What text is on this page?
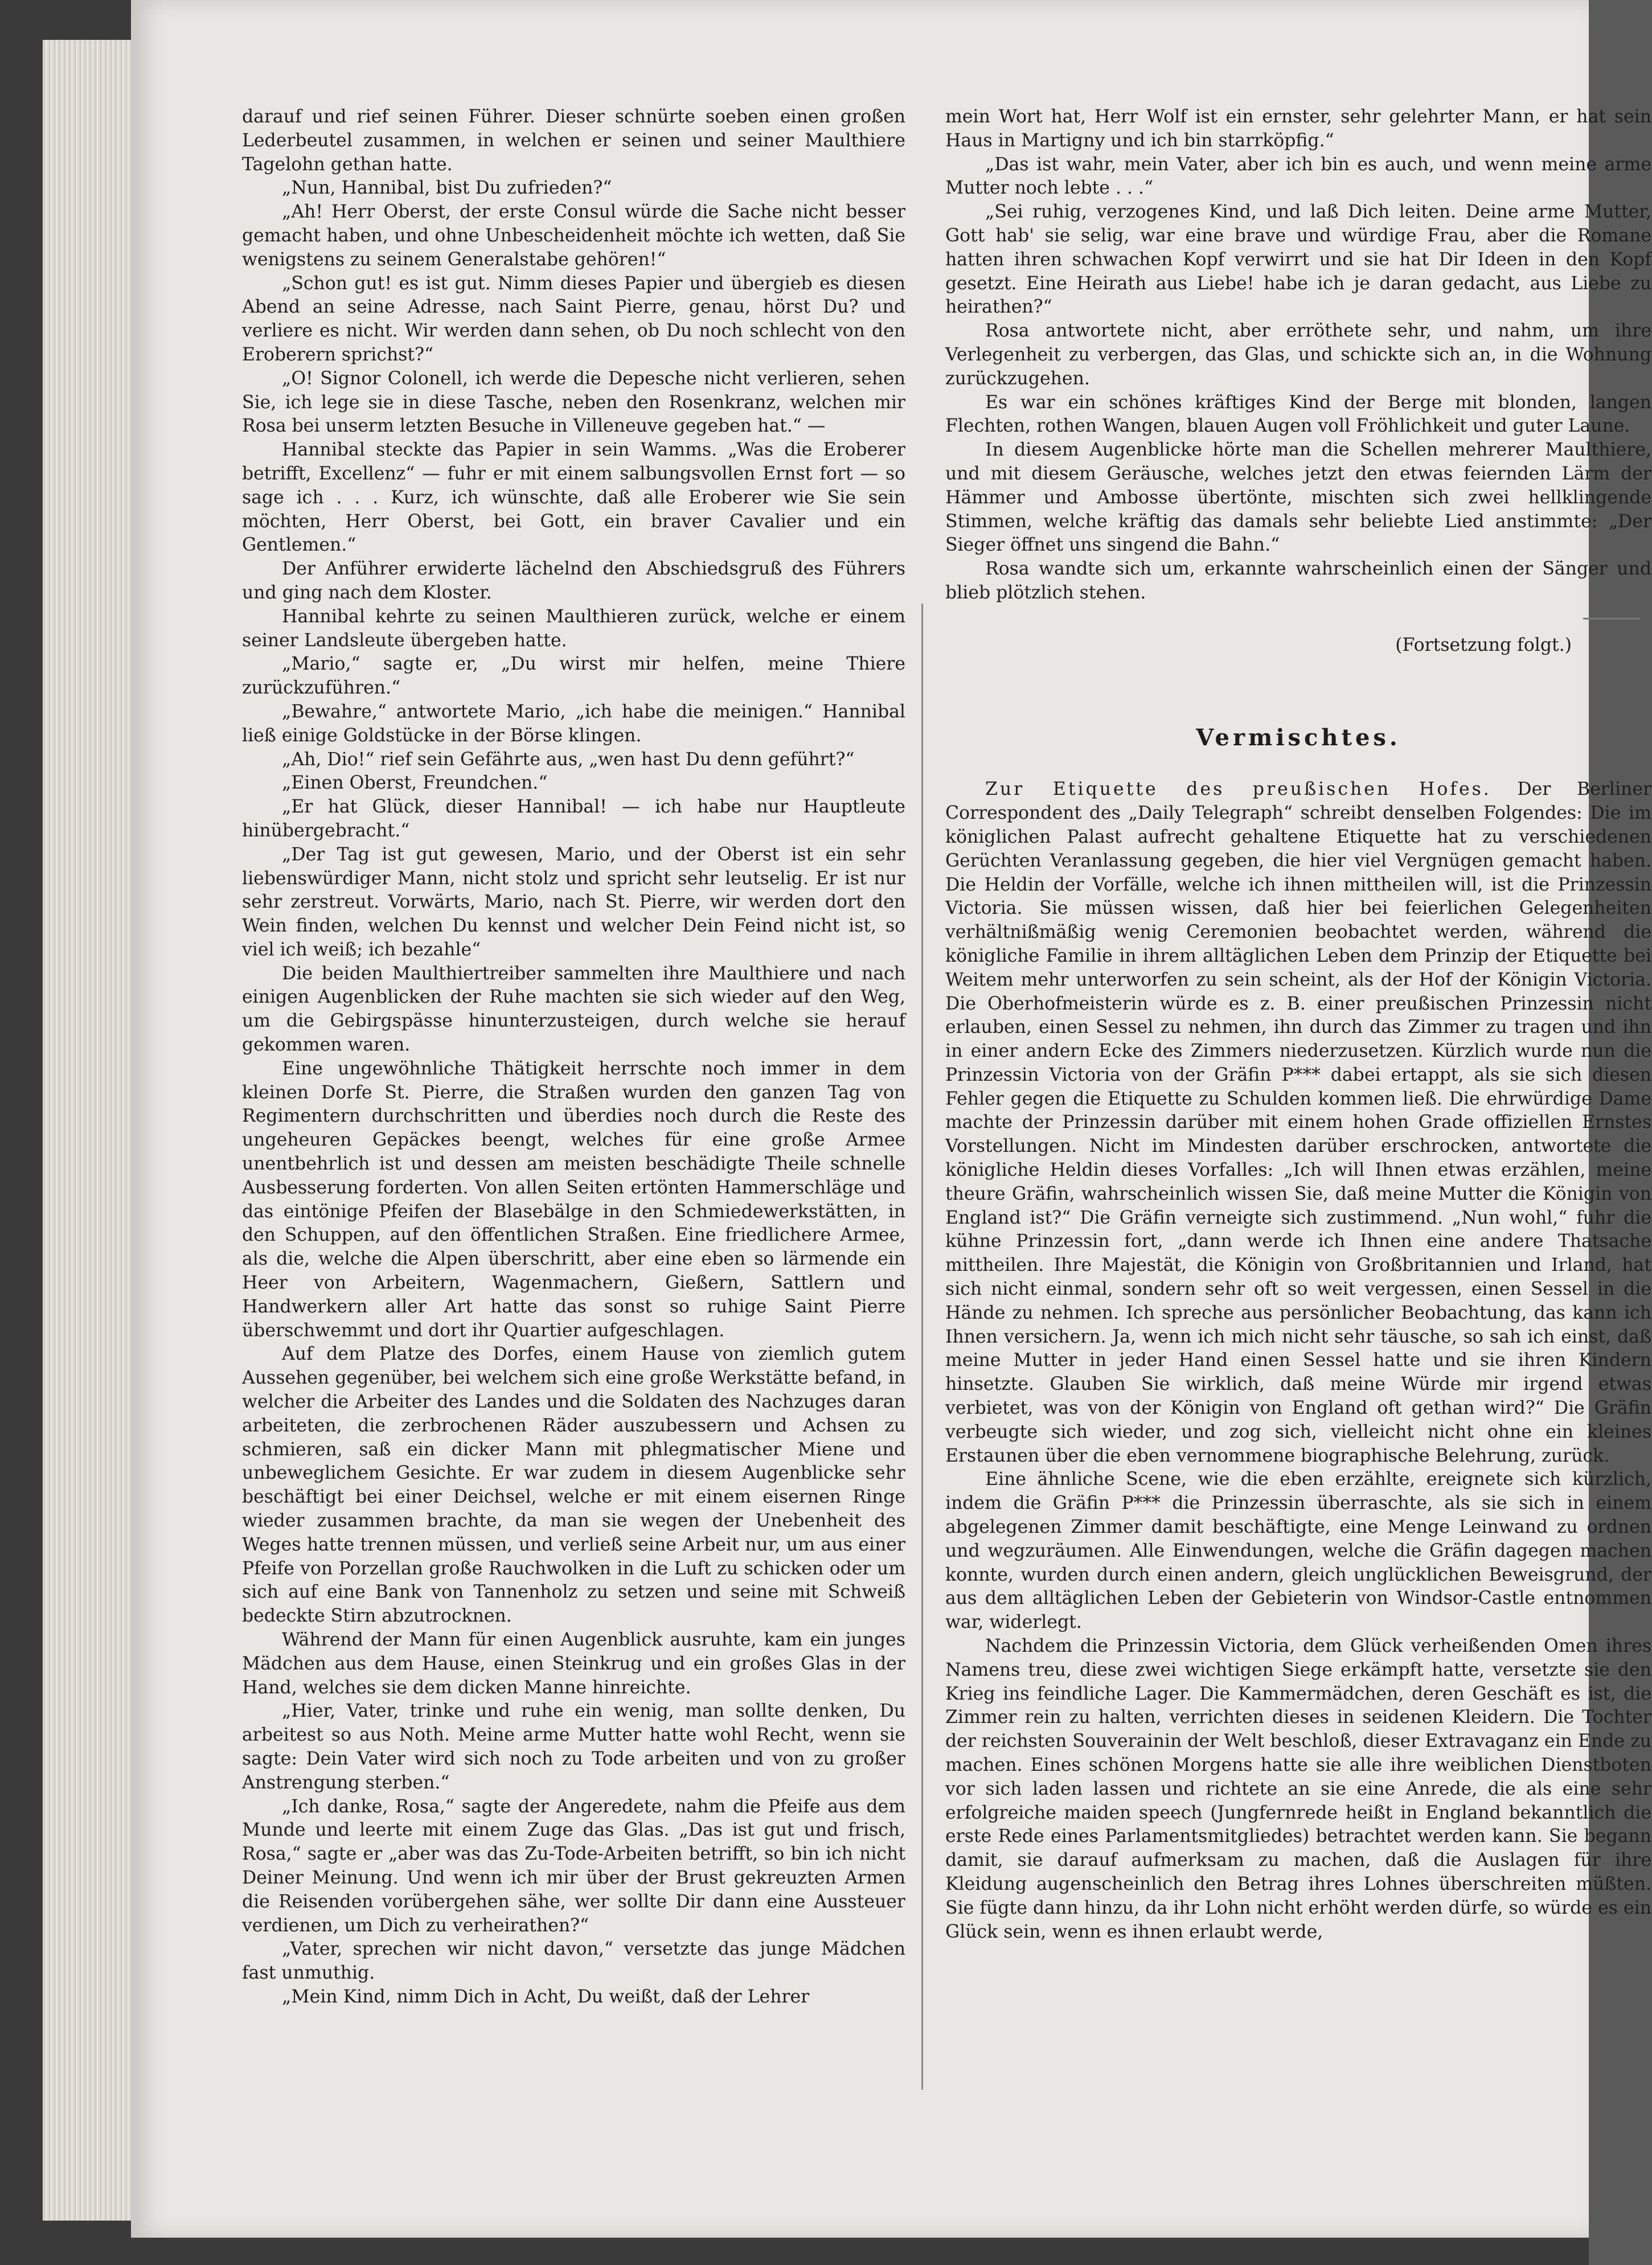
darauf und rief seinen Führer. Dieser schnürte soeben einen großen Lederbeutel zusammen, in welchen er seinen und seiner Maulthiere Tagelohn gethan hatte.

„Nun, Hannibal, bist Du zufrieden?“

„Ah! Herr Oberst, der erste Consul würde die Sache nicht besser gemacht haben, und ohne Unbescheidenheit möchte ich wetten, daß Sie wenigstens zu seinem Generalstabe gehören!“

„Schon gut! es ist gut. Nimm dieses Papier und übergieb es diesen Abend an seine Adresse, nach Saint Pierre, genau, hörst Du? und verliere es nicht. Wir werden dann sehen, ob Du noch schlecht von den Eroberern sprichst?“

„O! Signor Colonell, ich werde die Depesche nicht verlieren, sehen Sie, ich lege sie in diese Tasche, neben den Rosenkranz, welchen mir Rosa bei unserm letzten Besuche in Villeneuve gegeben hat.“ —

Hannibal steckte das Papier in sein Wamms. „Was die Eroberer betrifft, Excellenz“ — fuhr er mit einem salbungsvollen Ernst fort — so sage ich . . . Kurz, ich wünschte, daß alle Eroberer wie Sie sein möchten, Herr Oberst, bei Gott, ein braver Cavalier und ein Gentlemen.“

Der Anführer erwiderte lächelnd den Abschiedsgruß des Führers und ging nach dem Kloster.

Hannibal kehrte zu seinen Maulthieren zurück, welche er einem seiner Landsleute übergeben hatte.

„Mario,“ sagte er, „Du wirst mir helfen, meine Thiere zurückzuführen.“

„Bewahre,“ antwortete Mario, „ich habe die meinigen.“ Hannibal ließ einige Goldstücke in der Börse klingen.

„Ah, Dio!“ rief sein Gefährte aus, „wen hast Du denn geführt?“

„Einen Oberst, Freundchen.“

„Er hat Glück, dieser Hannibal! — ich habe nur Hauptleute hinübergebracht.“

„Der Tag ist gut gewesen, Mario, und der Oberst ist ein sehr liebenswürdiger Mann, nicht stolz und spricht sehr leutselig. Er ist nur sehr zerstreut. Vorwärts, Mario, nach St. Pierre, wir werden dort den Wein finden, welchen Du kennst und welcher Dein Feind nicht ist, so viel ich weiß; ich bezahle“

Die beiden Maulthiertreiber sammelten ihre Maulthiere und nach einigen Augenblicken der Ruhe machten sie sich wieder auf den Weg, um die Gebirgspässe hinunterzusteigen, durch welche sie herauf gekommen waren.

Eine ungewöhnliche Thätigkeit herrschte noch immer in dem kleinen Dorfe St. Pierre, die Straßen wurden den ganzen Tag von Regimentern durchschritten und überdies noch durch die Reste des ungeheuren Gepäckes beengt, welches für eine große Armee unentbehrlich ist und dessen am meisten beschädigte Theile schnelle Ausbesserung forderten. Von allen Seiten ertönten Hammerschläge und das eintönige Pfeifen der Blasebälge in den Schmiedewerkstätten, in den Schuppen, auf den öffentlichen Straßen. Eine friedlichere Armee, als die, welche die Alpen überschritt, aber eine eben so lärmende ein Heer von Arbeitern, Wagenmachern, Gießern, Sattlern und Handwerkern aller Art hatte das sonst so ruhige Saint Pierre überschwemmt und dort ihr Quartier aufgeschlagen.

Auf dem Platze des Dorfes, einem Hause von ziemlich gutem Aussehen gegenüber, bei welchem sich eine große Werkstätte befand, in welcher die Arbeiter des Landes und die Soldaten des Nachzuges daran arbeiteten, die zerbrochenen Räder auszubessern und Achsen zu schmieren, saß ein dicker Mann mit phlegmatischer Miene und unbeweglichem Gesichte. Er war zudem in diesem Augenblicke sehr beschäftigt bei einer Deichsel, welche er mit einem eisernen Ringe wieder zusammen brachte, da man sie wegen der Unebenheit des Weges hatte trennen müssen, und verließ seine Arbeit nur, um aus einer Pfeife von Porzellan große Rauchwolken in die Luft zu schicken oder um sich auf eine Bank von Tannenholz zu setzen und seine mit Schweiß bedeckte Stirn abzutrocknen.

Während der Mann für einen Augenblick ausruhte, kam ein junges Mädchen aus dem Hause, einen Steinkrug und ein großes Glas in der Hand, welches sie dem dicken Manne hinreichte.

„Hier, Vater, trinke und ruhe ein wenig, man sollte denken, Du arbeitest so aus Noth. Meine arme Mutter hatte wohl Recht, wenn sie sagte: Dein Vater wird sich noch zu Tode arbeiten und von zu großer Anstrengung sterben.“

„Ich danke, Rosa,“ sagte der Angeredete, nahm die Pfeife aus dem Munde und leerte mit einem Zuge das Glas. „Das ist gut und frisch, Rosa,“ sagte er „aber was das Zu-Tode-Arbeiten betrifft, so bin ich nicht Deiner Meinung. Und wenn ich mir über der Brust gekreuzten Armen die Reisenden vorübergehen sähe, wer sollte Dir dann eine Aussteuer verdienen, um Dich zu verheirathen?“

„Vater, sprechen wir nicht davon,“ versetzte das junge Mädchen fast unmuthig.

„Mein Kind, nimm Dich in Acht, Du weißt, daß der Lehrer

mein Wort hat, Herr Wolf ist ein ernster, sehr gelehrter Mann, er hat sein Haus in Martigny und ich bin starrköpfig.“

„Das ist wahr, mein Vater, aber ich bin es auch, und wenn meine arme Mutter noch lebte . . .“

„Sei ruhig, verzogenes Kind, und laß Dich leiten. Deine arme Mutter, Gott hab' sie selig, war eine brave und würdige Frau, aber die Romane hatten ihren schwachen Kopf verwirrt und sie hat Dir Ideen in den Kopf gesetzt. Eine Heirath aus Liebe! habe ich je daran gedacht, aus Liebe zu heirathen?“

Rosa antwortete nicht, aber erröthete sehr, und nahm, um ihre Verlegenheit zu verbergen, das Glas, und schickte sich an, in die Wohnung zurückzugehen.

Es war ein schönes kräftiges Kind der Berge mit blonden, langen Flechten, rothen Wangen, blauen Augen voll Fröhlichkeit und guter Laune.

In diesem Augenblicke hörte man die Schellen mehrerer Maulthiere, und mit diesem Geräusche, welches jetzt den etwas feiernden Lärm der Hämmer und Ambosse übertönte, mischten sich zwei hellklingende Stimmen, welche kräftig das damals sehr beliebte Lied anstimmte: „Der Sieger öffnet uns singend die Bahn.“

Rosa wandte sich um, erkannte wahrscheinlich einen der Sänger und blieb plötzlich stehen.

(Fortsetzung folgt.)

Vermischtes.

Zur Etiquette des preußischen Hofes. Der Berliner Correspondent des „Daily Telegraph“ schreibt denselben Folgendes: Die im königlichen Palast aufrecht gehaltene Etiquette hat zu verschiedenen Gerüchten Veranlassung gegeben, die hier viel Vergnügen gemacht haben. Die Heldin der Vorfälle, welche ich ihnen mittheilen will, ist die Prinzessin Victoria. Sie müssen wissen, daß hier bei feierlichen Gelegenheiten verhältnißmäßig wenig Ceremonien beobachtet werden, während die königliche Familie in ihrem alltäglichen Leben dem Prinzip der Etiquette bei Weitem mehr unterworfen zu sein scheint, als der Hof der Königin Victoria. Die Oberhofmeisterin würde es z. B. einer preußischen Prinzessin nicht erlauben, einen Sessel zu nehmen, ihn durch das Zimmer zu tragen und ihn in einer andern Ecke des Zimmers niederzusetzen. Kürzlich wurde nun die Prinzessin Victoria von der Gräfin P*** dabei ertappt, als sie sich diesen Fehler gegen die Etiquette zu Schulden kommen ließ. Die ehrwürdige Dame machte der Prinzessin darüber mit einem hohen Grade offiziellen Ernstes Vorstellungen. Nicht im Mindesten darüber erschrocken, antwortete die königliche Heldin dieses Vorfalles: „Ich will Ihnen etwas erzählen, meine theure Gräfin, wahrscheinlich wissen Sie, daß meine Mutter die Königin von England ist?“ Die Gräfin verneigte sich zustimmend. „Nun wohl,“ fuhr die kühne Prinzessin fort, „dann werde ich Ihnen eine andere Thatsache mittheilen. Ihre Majestät, die Königin von Großbritannien und Irland, hat sich nicht einmal, sondern sehr oft so weit vergessen, einen Sessel in die Hände zu nehmen. Ich spreche aus persönlicher Beobachtung, das kann ich Ihnen versichern. Ja, wenn ich mich nicht sehr täusche, so sah ich einst, daß meine Mutter in jeder Hand einen Sessel hatte und sie ihren Kindern hinsetzte. Glauben Sie wirklich, daß meine Würde mir irgend etwas verbietet, was von der Königin von England oft gethan wird?“ Die Gräfin verbeugte sich wieder, und zog sich, vielleicht nicht ohne ein kleines Erstaunen über die eben vernommene biographische Belehrung, zurück.

Eine ähnliche Scene, wie die eben erzählte, ereignete sich kürzlich, indem die Gräfin P*** die Prinzessin überraschte, als sie sich in einem abgelegenen Zimmer damit beschäftigte, eine Menge Leinwand zu ordnen und wegzuräumen. Alle Einwendungen, welche die Gräfin dagegen machen konnte, wurden durch einen andern, gleich unglücklichen Beweisgrund, der aus dem alltäglichen Leben der Gebieterin von Windsor-Castle entnommen war, widerlegt.

Nachdem die Prinzessin Victoria, dem Glück verheißenden Omen ihres Namens treu, diese zwei wichtigen Siege erkämpft hatte, versetzte sie den Krieg ins feindliche Lager. Die Kammermädchen, deren Geschäft es ist, die Zimmer rein zu halten, verrichten dieses in seidenen Kleidern. Die Tochter der reichsten Souverainin der Welt beschloß, dieser Extravaganz ein Ende zu machen. Eines schönen Morgens hatte sie alle ihre weiblichen Dienstboten vor sich laden lassen und richtete an sie eine Anrede, die als eine sehr erfolgreiche maiden speech (Jungfernrede heißt in England bekanntlich die erste Rede eines Parlamentsmitgliedes) betrachtet werden kann. Sie begann damit, sie darauf aufmerksam zu machen, daß die Auslagen für ihre Kleidung augenscheinlich den Betrag ihres Lohnes überschreiten müßten. Sie fügte dann hinzu, da ihr Lohn nicht erhöht werden dürfe, so würde es ein Glück sein, wenn es ihnen erlaubt werde,
